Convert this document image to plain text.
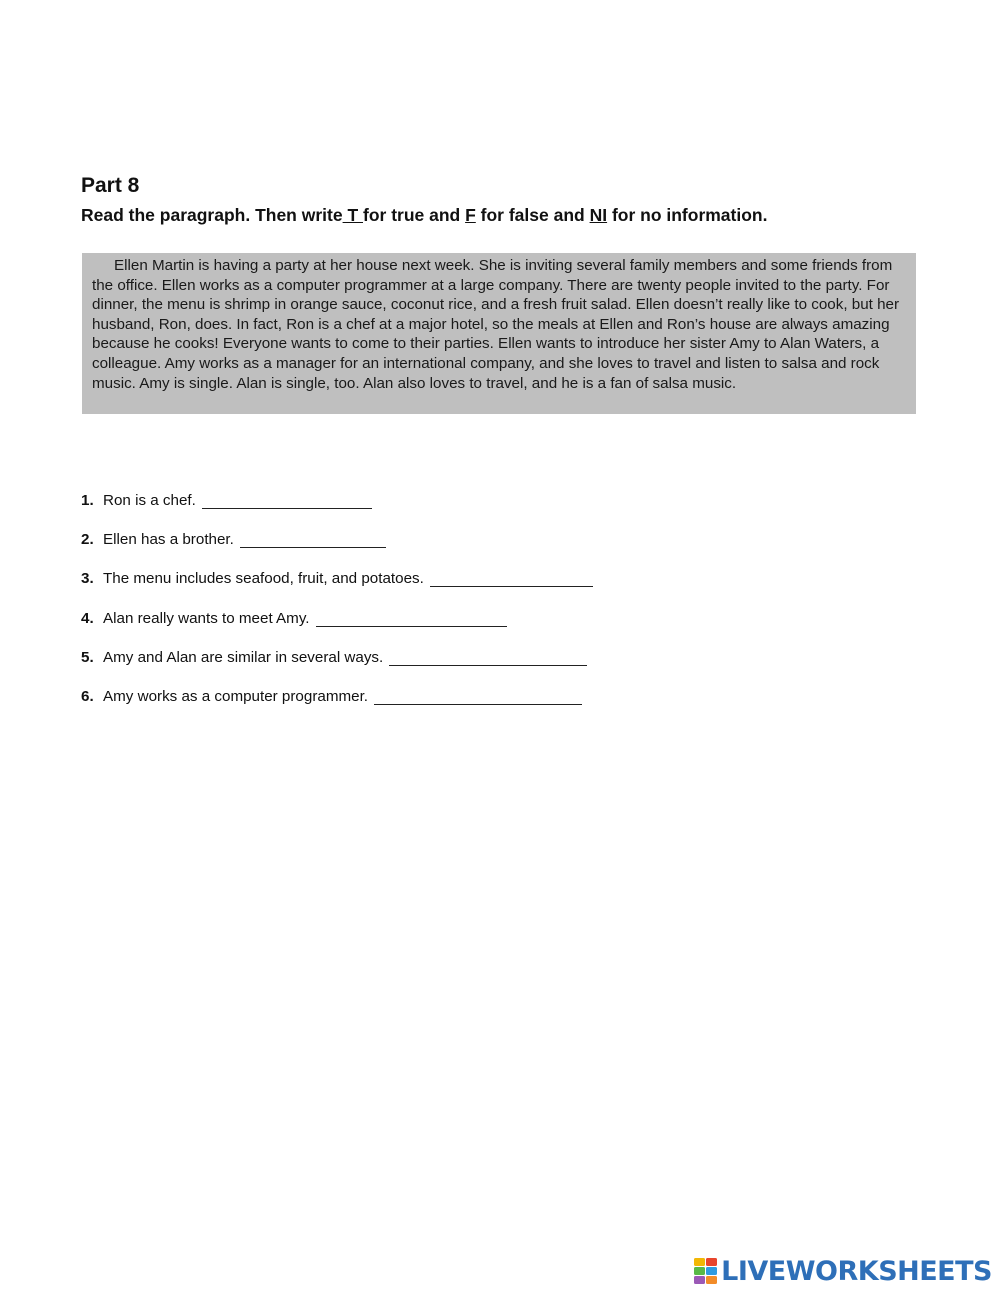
Part 8

Read the paragraph. Then write T for true and F for false and NI for no information.

Ellen Martin is having a party at her house next week. She is inviting several family members and some friends from the office. Ellen works as a computer programmer at a large company. There are twenty people invited to the party. For dinner, the menu is shrimp in orange sauce, coconut rice, and a fresh fruit salad. Ellen doesn’t really like to cook, but her husband, Ron, does. In fact, Ron is a chef at a major hotel, so the meals at Ellen and Ron’s house are always amazing because he cooks! Everyone wants to come to their parties. Ellen wants to introduce her sister Amy to Alan Waters, a colleague. Amy works as a manager for an international company, and she loves to travel and listen to salsa and rock music. Amy is single. Alan is single, too. Alan also loves to travel, and he is a fan of salsa music.

1. Ron is a chef.
2. Ellen has a brother.
3. The menu includes seafood, fruit, and potatoes.
4. Alan really wants to meet Amy.
5. Amy and Alan are similar in several ways.
6. Amy works as a computer programmer.
LIVEWORKSHEETS
